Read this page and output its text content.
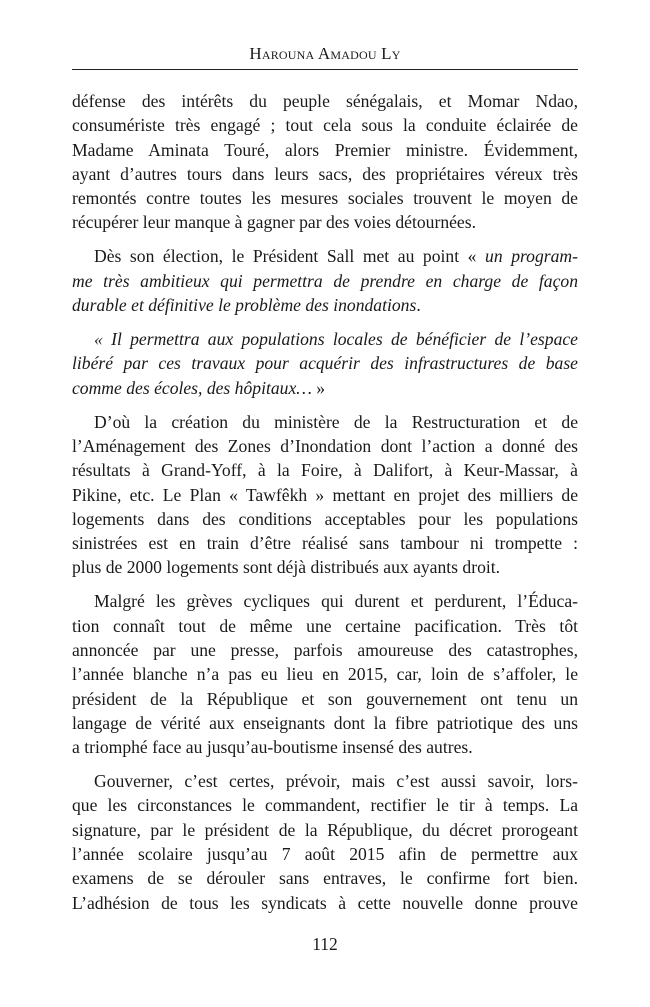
Harouna Amadou Ly
défense des intérêts du peuple sénégalais, et Momar Ndao,
consumériste très engagé ; tout cela sous la conduite éclairée de
Madame Aminata Touré, alors Premier ministre. Évidemment,
ayant d’autres tours dans leurs sacs, des propriétaires véreux très
remontés contre toutes les mesures sociales trouvent le moyen de
récupérer leur manque à gagner par des voies détournées.
Dès son élection, le Président Sall met au point « un program-
me très ambitieux qui permettra de prendre en charge de façon
durable et définitive le problème des inondations.
« Il permettra aux populations locales de bénéficier de l’espace
libéré par ces travaux pour acquérir des infrastructures de base
comme des écoles, des hôpitaux… »
D’où la création du ministère de la Restructuration et de
l’Aménagement des Zones d’Inondation dont l’action a donné des
résultats à Grand-Yoff, à la Foire, à Dalifort, à Keur-Massar, à
Pikine, etc. Le Plan « Tawfêkh » mettant en projet des milliers de
logements dans des conditions acceptables pour les populations
sinistrées est en train d’être réalisé sans tambour ni trompette :
plus de 2000 logements sont déjà distribués aux ayants droit.
Malgré les grèves cycliques qui durent et perdurent, l’Éduca-
tion connaît tout de même une certaine pacification. Très tôt
annoncée par une presse, parfois amoureuse des catastrophes,
l’année blanche n’a pas eu lieu en 2015, car, loin de s’affoler, le
président de la République et son gouvernement ont tenu un
langage de vérité aux enseignants dont la fibre patriotique des uns
a triomphé face au jusqu’au-boutisme insensé des autres.
Gouverner, c’est certes, prévoir, mais c’est aussi savoir, lors-
que les circonstances le commandent, rectifier le tir à temps. La
signature, par le président de la République, du décret prorogeant
l’année scolaire jusqu’au 7 août 2015 afin de permettre aux
examens de se dérouler sans entraves, le confirme fort bien.
L’adhésion de tous les syndicats à cette nouvelle donne prouve
112
